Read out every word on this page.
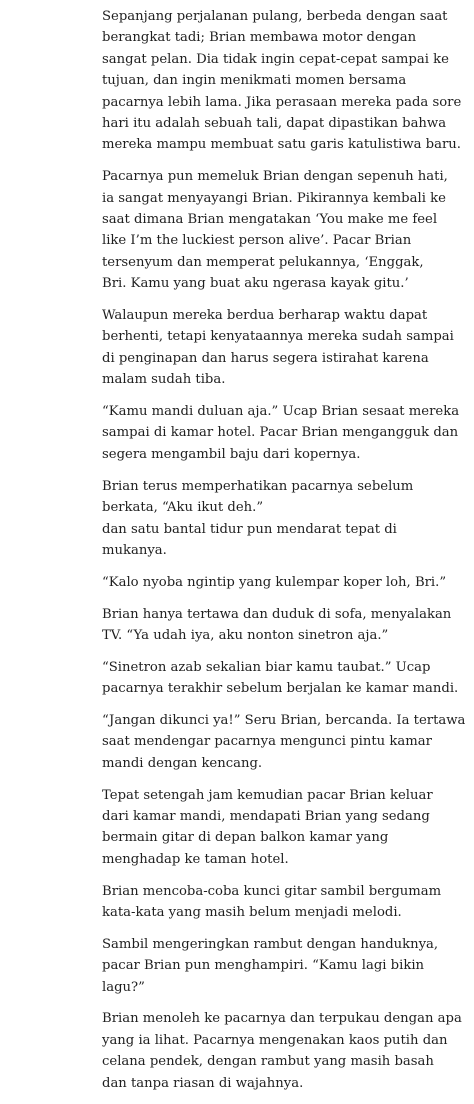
Sepanjang perjalanan pulang, berbeda dengan saat
berangkat tadi; Brian membawa motor dengan
sangat pelan. Dia tidak ingin cepat-cepat sampai ke
tujuan, dan ingin menikmati momen bersama
pacarnya lebih lama. Jika perasaan mereka pada sore
hari itu adalah sebuah tali, dapat dipastikan bahwa
mereka mampu membuat satu garis katulistiwa baru.

Pacarnya pun memeluk Brian dengan sepenuh hati,
ia sangat menyayangi Brian. Pikirannya kembali ke
saat dimana Brian mengatakan ‘You make me feel
like I’m the luckiest person alive’. Pacar Brian
tersenyum dan memperat pelukannya, ‘Enggak,
Bri. Kamu yang buat aku ngerasa kayak gitu.’

Walaupun mereka berdua berharap waktu dapat
berhenti, tetapi kenyataannya mereka sudah sampai
di penginapan dan harus segera istirahat karena
malam sudah tiba.

“Kamu mandi duluan aja.” Ucap Brian sesaat mereka
sampai di kamar hotel. Pacar Brian mengangguk dan
segera mengambil baju dari kopernya.

Brian terus memperhatikan pacarnya sebelum
berkata, “Aku ikut deh.”
dan satu bantal tidur pun mendarat tepat di
mukanya.

“Kalo nyoba ngintip yang kulempar koper loh, Bri.”

Brian hanya tertawa dan duduk di sofa, menyalakan
TV. “Ya udah iya, aku nonton sinetron aja.”

“Sinetron azab sekalian biar kamu taubat.” Ucap
pacarnya terakhir sebelum berjalan ke kamar mandi.

“Jangan dikunci ya!” Seru Brian, bercanda. Ia tertawa
saat mendengar pacarnya mengunci pintu kamar
mandi dengan kencang.

Tepat setengah jam kemudian pacar Brian keluar
dari kamar mandi, mendapati Brian yang sedang
bermain gitar di depan balkon kamar yang
menghadap ke taman hotel.

Brian mencoba-coba kunci gitar sambil bergumam
kata-kata yang masih belum menjadi melodi.

Sambil mengeringkan rambut dengan handuknya,
pacar Brian pun menghampiri. “Kamu lagi bikin
lagu?”

Brian menoleh ke pacarnya dan terpukau dengan apa
yang ia lihat. Pacarnya mengenakan kaos putih dan
celana pendek, dengan rambut yang masih basah
dan tanpa riasan di wajahnya.
